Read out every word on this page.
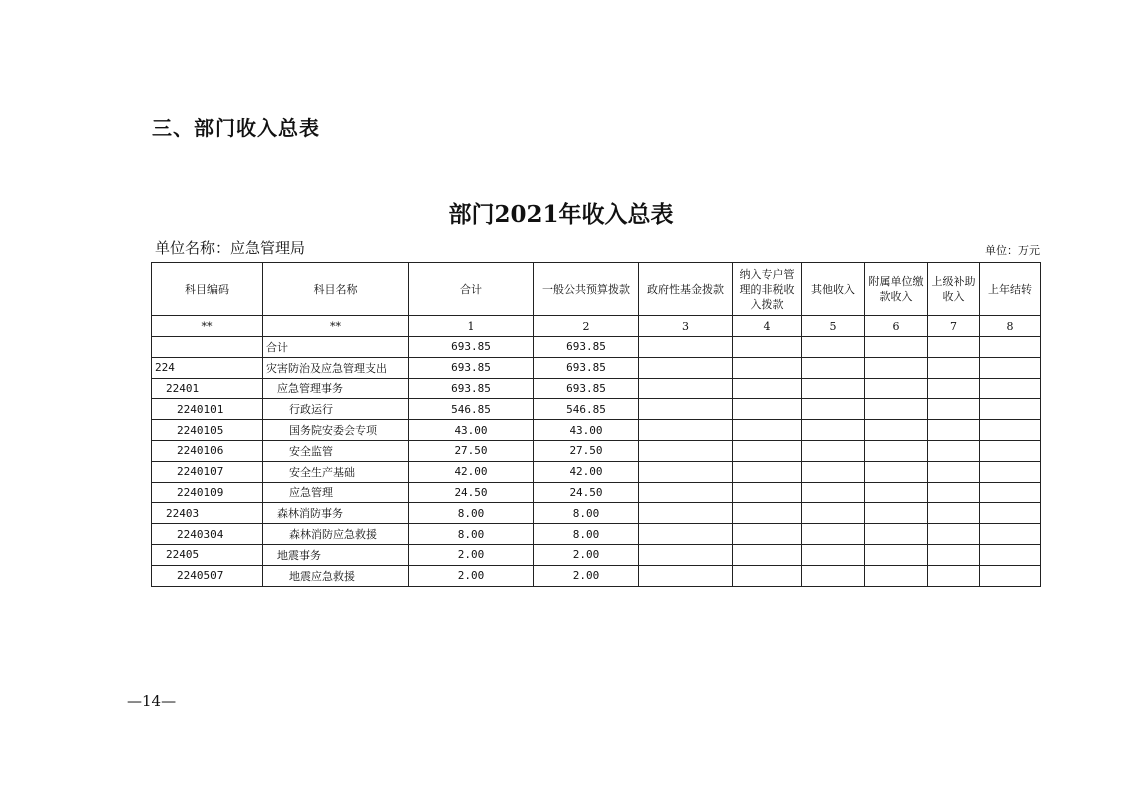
三、部门收入总表
部门2021年收入总表
单位名称：应急管理局	单位：万元
科目编码	科目名称	合计	一般公共预算拨款	政府性基金拨款	纳入专户管理的非税收入拨款	其他收入	附属单位缴款收入	上级补助收入	上年结转
**	**	1	2	3	4	5	6	7	8
	合计	693.85	693.85						
224	灾害防治及应急管理支出	693.85	693.85						
22401	应急管理事务	693.85	693.85						
2240101	行政运行	546.85	546.85						
2240105	国务院安委会专项	43.00	43.00						
2240106	安全监管	27.50	27.50						
2240107	安全生产基础	42.00	42.00						
2240109	应急管理	24.50	24.50						
22403	森林消防事务	8.00	8.00						
2240304	森林消防应急救援	8.00	8.00						
22405	地震事务	2.00	2.00						
2240507	地震应急救援	2.00	2.00						
—14—
